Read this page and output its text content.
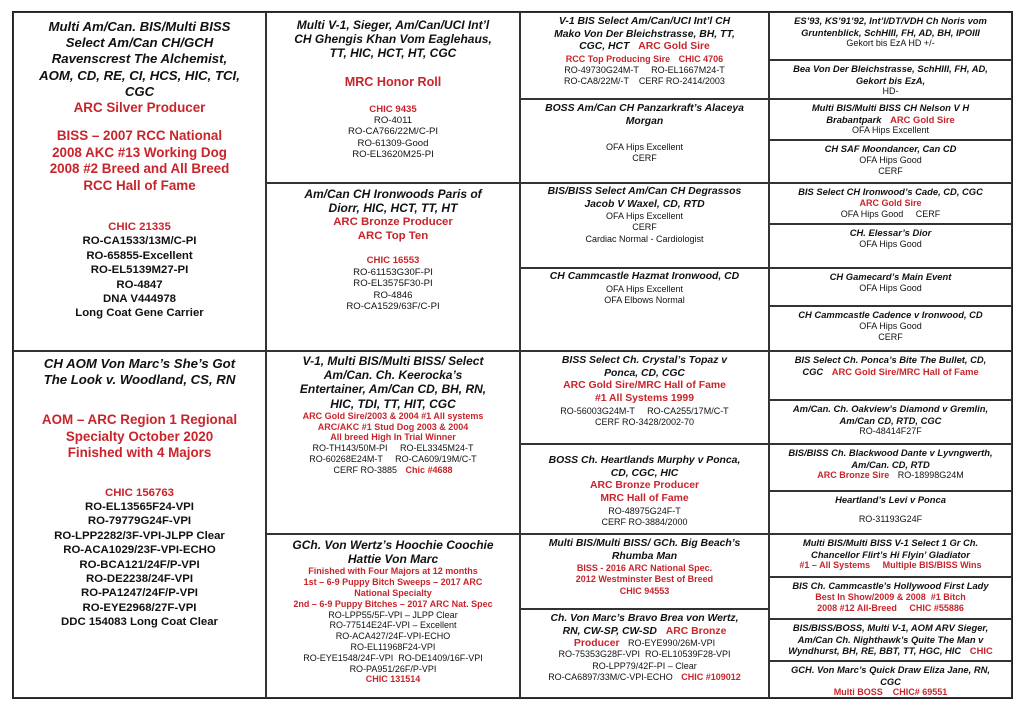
Multi Am/Can. BIS/Multi BISS
Select Am/Can CH/GCH
Ravenscrest The Alchemist,
AOM, CD, RE, CI, HCS, HIC, TCI,
CGC
ARC Silver Producer
BISS – 2007 RCC National
2008 AKC #13 Working Dog
2008 #2 Breed and All Breed
RCC Hall of Fame
CHIC 21335
RO-CA1533/13M/C-PI
RO-65855-Excellent
RO-EL5139M27-PI
RO-4847
DNA V444978
Long Coat Gene Carrier
CH AOM Von Marc’s She’s Got
The Look v. Woodland, CS, RN
AOM – ARC Region 1 Regional
Specialty October 2020
Finished with 4 Majors
CHIC 156763
RO-EL13565F24-VPI
RO-79779G24F-VPI
RO-LPP2282/3F-VPI-JLPP Clear
RO-ACA1029/23F-VPI-ECHO
RO-BCA121/24F/P-VPI
RO-DE2238/24F-VPI
RO-PA1247/24F/P-VPI
RO-EYE2968/27F-VPI
DDC 154083 Long Coat Clear
Multi V-1, Sieger, Am/Can/UCI Int’l
CH Ghengis Khan Vom Eaglehaus,
TT, HIC, HCT, HT, CGC
MRC Honor Roll
CHIC 9435
RO-4011
RO-CA766/22M/C-PI
RO-61309-Good
RO-EL3620M25-PI
Am/Can CH Ironwoods Paris of
Diorr, HIC, HCT, TT, HT
ARC Bronze Producer
ARC Top Ten
CHIC 16553
RO-61153G30F-PI
RO-EL3575F30-PI
RO-4846
RO-CA1529/63F/C-PI
V-1, Multi BIS/Multi BISS/ Select
Am/Can. Ch. Keerocka’s
Entertainer, Am/Can CD, BH, RN,
HIC, TDI, TT, HIT, CGC
ARC Gold Sire/2003 & 2004 #1 All systems
ARC/AKC #1 Stud Dog 2003 & 2004
All breed High In Trial Winner
RO-TH143/50M-PI     RO-EL3345M24-T
RO-60268E24M-T     RO-CA609/19M/C-T
CERF RO-3885 Chic #4688
GCh. Von Wertz’s Hoochie Coochie
Hattie Von Marc
Finished with Four Majors at 12 months
1st – 6-9 Puppy Bitch Sweeps – 2017 ARC
National Specialty
2nd – 6-9 Puppy Bitches – 2017 ARC Nat. Spec
RO-LPP55/5F-VPI – JLPP Clear
RO-77514E24F-VPI – Excellent
RO-ACA427/24F-VPI-ECHO
RO-EL11968F24-VPI
RO-EYE1548/24F-VPI  RO-DE1409/16F-VPI
RO-PA951/26F/P-VPI
CHIC 131514
V-1 BIS Select Am/Can/UCI Int’l CH
Mako Von Der Bleichstrasse, BH, TT,
CGC, HCT ARC Gold Sire
RCC Top Producing Sire CHIC 4706
RO-49730G24M-T     RO-EL1667M24-T
RO-CA8/22M/-T    CERF RO-2414/2003
BOSS Am/Can CH Panzarkraft’s Alaceya
Morgan
OFA Hips Excellent
CERF
BIS/BISS Select Am/Can CH Degrassos
Jacob V Waxel, CD, RTD
OFA Hips Excellent
CERF
Cardiac Normal - Cardiologist
CH Cammcastle Hazmat Ironwood, CD
OFA Hips Excellent
OFA Elbows Normal
BISS Select Ch. Crystal’s Topaz v
Ponca, CD, CGC
ARC Gold Sire/MRC Hall of Fame
#1 All Systems 1999
RO-56003G24M-T     RO-CA255/17M/C-T
CERF RO-3428/2002-70
BOSS Ch. Heartlands Murphy v Ponca,
CD, CGC, HIC
ARC Bronze Producer
MRC Hall of Fame
RO-48975G24F-T
CERF RO-3884/2000
Multi BIS/Multi BISS/ GCh. Big Beach’s
Rhumba Man
BISS - 2016 ARC National Spec.
2012 Westminster Best of Breed
CHIC 94553
Ch. Von Marc’s Bravo Brea von Wertz,
RN, CW-SP, CW-SD ARC Bronze
Producer RO-EYE990/26M-VPI
RO-75353G28F-VPI  RO-EL10539F28-VPI
RO-LPP79/42F-PI – Clear
RO-CA6897/33M/C-VPI-ECHO CHIC #109012
ES’93, KS’91’92, Int’l/DT/VDH Ch Noris vom
Gruntenblick, SchHIII, FH, AD, BH, IPOIII
Gekort bis EzA HD +/-
Bea Von Der Bleichstrasse, SchHIII, FH, AD,
Gekort bis EzA,
HD-
Multi BIS/Multi BISS CH Nelson V H
Brabantpark ARC Gold Sire
OFA Hips Excellent
CH SAF Moondancer, Can CD
OFA Hips Good
CERF
BIS Select CH Ironwood’s Cade, CD, CGC
ARC Gold Sire
OFA Hips Good     CERF
CH. Elessar’s Dior
OFA Hips Good
CH Gamecard’s Main Event
OFA Hips Good
CH Cammcastle Cadence v Ironwood, CD
OFA Hips Good
CERF
BIS Select Ch. Ponca’s Bite The Bullet, CD,
CGC ARC Gold Sire/MRC Hall of Fame
Am/Can. Ch. Oakview’s Diamond v Gremlin,
Am/Can CD, RTD, CGC
RO-48414F27F
BIS/BISS Ch. Blackwood Dante v Lyvngwerth,
Am/Can. CD, RTD
ARC Bronze Sire RO-18998G24M
Heartland’s Levi v Ponca
RO-31193G24F
Multi BIS/Multi BISS V-1 Select 1 Gr Ch.
Chancellor Flirt’s Hi Flyin’ Gladiator
#1 – All Systems     Multiple BIS/BISS Wins
BIS Ch. Cammcastle’s Hollywood First Lady
Best In Show/2009 & 2008  #1 Bitch
2008 #12 All-Breed     CHIC #55886
BIS/BISS/BOSS, Multi V-1, AOM ARV Sieger,
Am/Can Ch. Nighthawk’s Quite The Man v
Wyndhurst, BH, RE, BBT, TT, HGC, HIC CHIC
GCH. Von Marc’s Quick Draw Eliza Jane, RN,
CGC
Multi BOSS    CHIC# 69551
